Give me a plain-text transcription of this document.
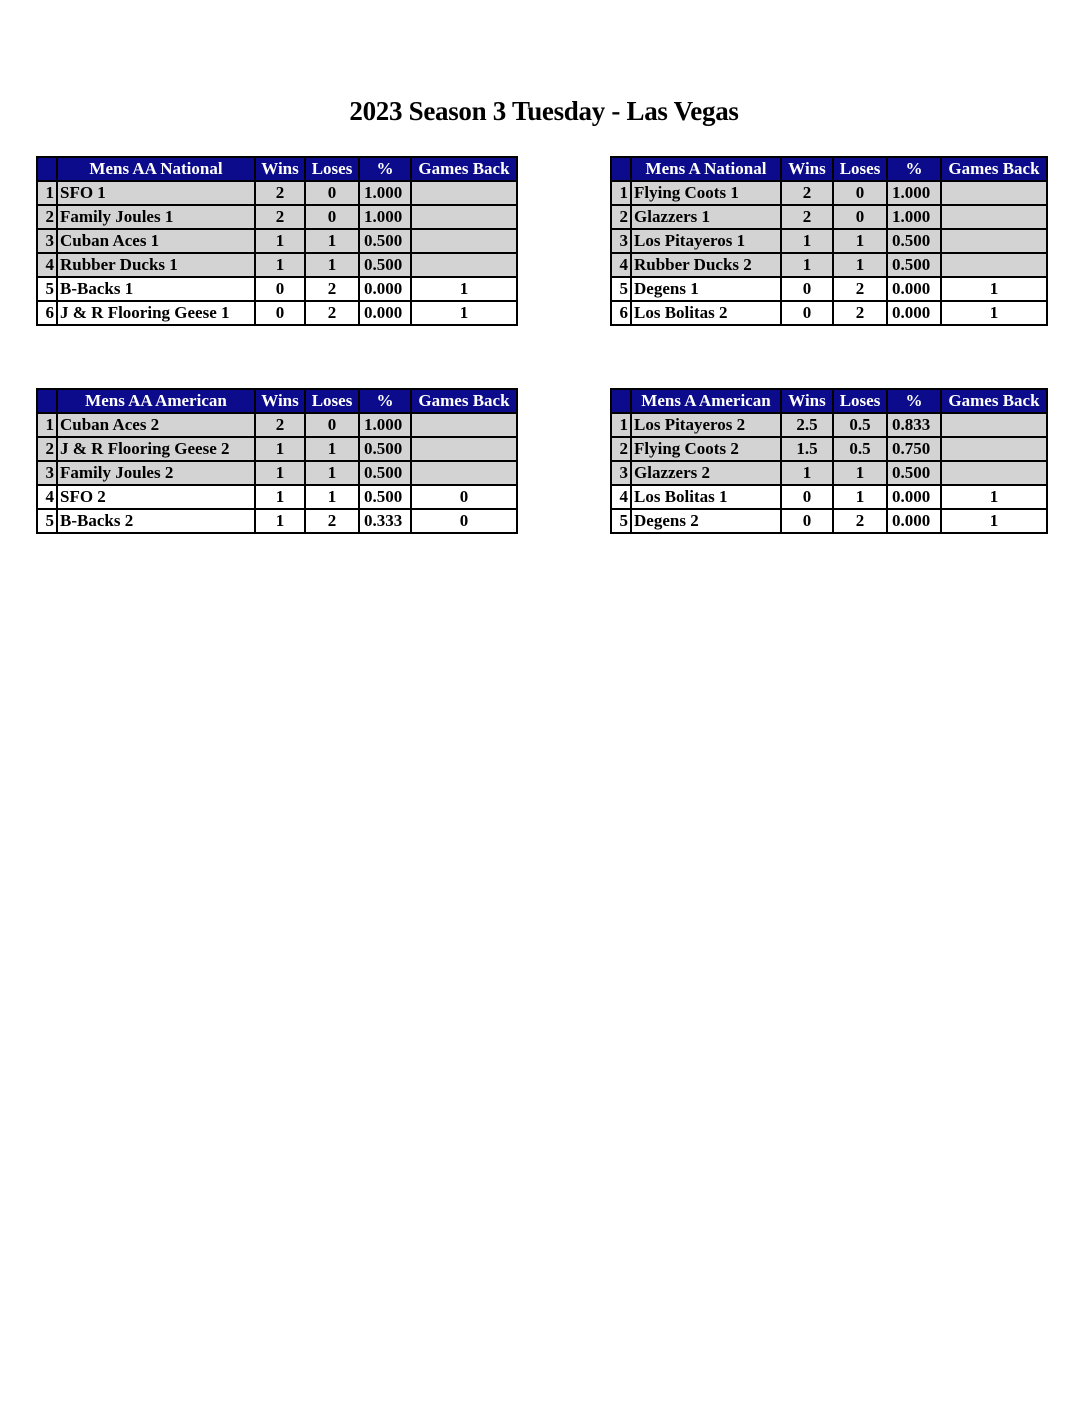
2023 Season 3 Tuesday - Las Vegas
	Mens AA National	Wins	Loses	%	Games Back
1	SFO 1	2	0	1.000	
2	Family Joules 1	2	0	1.000	
3	Cuban Aces 1	1	1	0.500	
4	Rubber Ducks 1	1	1	0.500	
5	B-Backs 1	0	2	0.000	1
6	J & R Flooring Geese 1	0	2	0.000	1
	Mens A National	Wins	Loses	%	Games Back
1	Flying Coots 1	2	0	1.000	
2	Glazzers 1	2	0	1.000	
3	Los Pitayeros 1	1	1	0.500	
4	Rubber Ducks 2	1	1	0.500	
5	Degens 1	0	2	0.000	1
6	Los Bolitas 2	0	2	0.000	1
	Mens AA American	Wins	Loses	%	Games Back
1	Cuban Aces 2	2	0	1.000	
2	J & R Flooring Geese 2	1	1	0.500	
3	Family Joules 2	1	1	0.500	
4	SFO 2	1	1	0.500	0
5	B-Backs 2	1	2	0.333	0
	Mens A American	Wins	Loses	%	Games Back
1	Los Pitayeros 2	2.5	0.5	0.833	
2	Flying Coots 2	1.5	0.5	0.750	
3	Glazzers 2	1	1	0.500	
4	Los Bolitas 1	0	1	0.000	1
5	Degens 2	0	2	0.000	1
